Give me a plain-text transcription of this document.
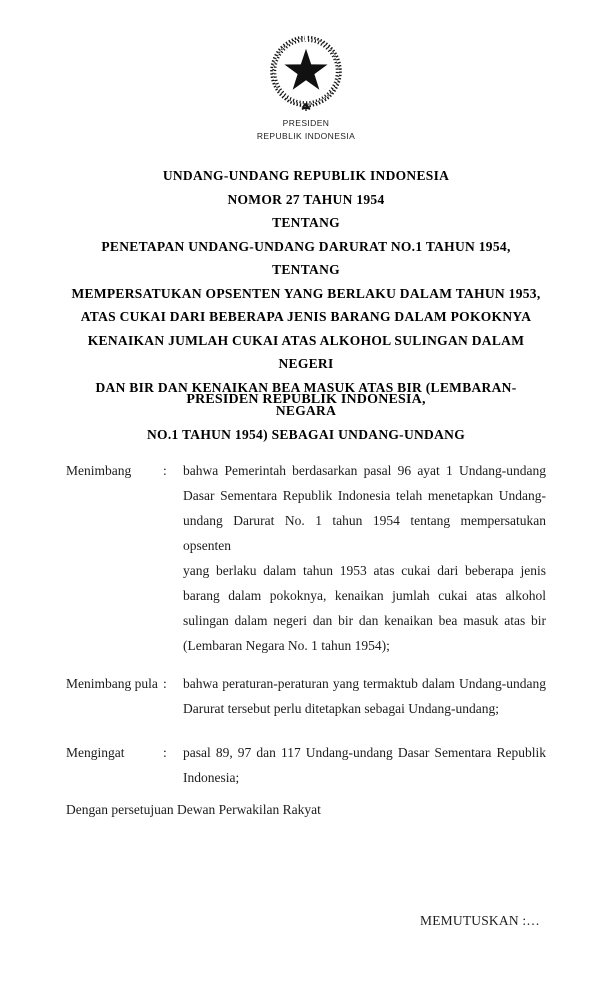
PRESIDEN
REPUBLIK INDONESIA
UNDANG-UNDANG REPUBLIK INDONESIA
NOMOR 27 TAHUN 1954
TENTANG
PENETAPAN UNDANG-UNDANG DARURAT NO.1 TAHUN 1954, TENTANG
MEMPERSATUKAN OPSENTEN YANG BERLAKU DALAM TAHUN 1953,
ATAS CUKAI DARI BEBERAPA JENIS BARANG DALAM POKOKNYA
KENAIKAN JUMLAH CUKAI ATAS ALKOHOL SULINGAN DALAM NEGERI
DAN BIR DAN KENAIKAN BEA MASUK ATAS BIR (LEMBARAN-NEGARA
NO.1 TAHUN 1954) SEBAGAI UNDANG-UNDANG
PRESIDEN REPUBLIK INDONESIA,
Menimbang	:	bahwa Pemerintah berdasarkan pasal 96 ayat 1 Undang-undang
Dasar Sementara Republik Indonesia telah menetapkan Undang-
undang Darurat No. 1 tahun 1954 tentang mempersatukan opsenten
yang berlaku dalam tahun 1953 atas cukai dari beberapa jenis
barang dalam pokoknya, kenaikan jumlah cukai atas alkohol
sulingan dalam negeri dan bir dan kenaikan bea masuk atas bir
(Lembaran Negara No. 1 tahun 1954);
Menimbang pula :	bahwa peraturan-peraturan yang termaktub dalam Undang-undang
Darurat tersebut perlu ditetapkan sebagai Undang-undang;
Mengingat	:	pasal 89, 97 dan 117 Undang-undang Dasar Sementara Republik
Indonesia;
Dengan persetujuan Dewan Perwakilan Rakyat
MEMUTUSKAN :…
